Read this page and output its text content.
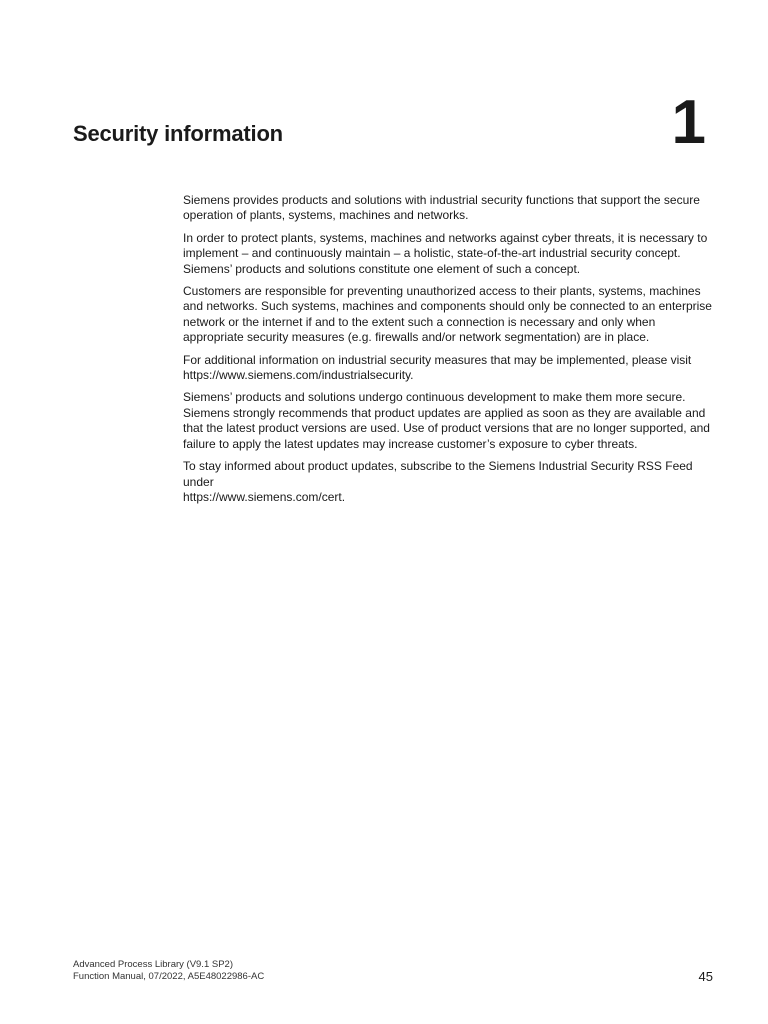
Security information	1

Siemens provides products and solutions with industrial security functions that support the secure operation of plants, systems, machines and networks.

In order to protect plants, systems, machines and networks against cyber threats, it is necessary to implement – and continuously maintain – a holistic, state-of-the-art industrial security concept. Siemens’ products and solutions constitute one element of such a concept.

Customers are responsible for preventing unauthorized access to their plants, systems, machines and networks. Such systems, machines and components should only be connected to an enterprise network or the internet if and to the extent such a connection is necessary and only when appropriate security measures (e.g. firewalls and/or network segmentation) are in place.

For additional information on industrial security measures that may be implemented, please visit
https://www.siemens.com/industrialsecurity.

Siemens’ products and solutions undergo continuous development to make them more secure. Siemens strongly recommends that product updates are applied as soon as they are available and that the latest product versions are used. Use of product versions that are no longer supported, and failure to apply the latest updates may increase customer’s exposure to cyber threats.

To stay informed about product updates, subscribe to the Siemens Industrial Security RSS Feed under
https://www.siemens.com/cert.

Advanced Process Library (V9.1 SP2)
Function Manual, 07/2022, A5E48022986-AC	45
